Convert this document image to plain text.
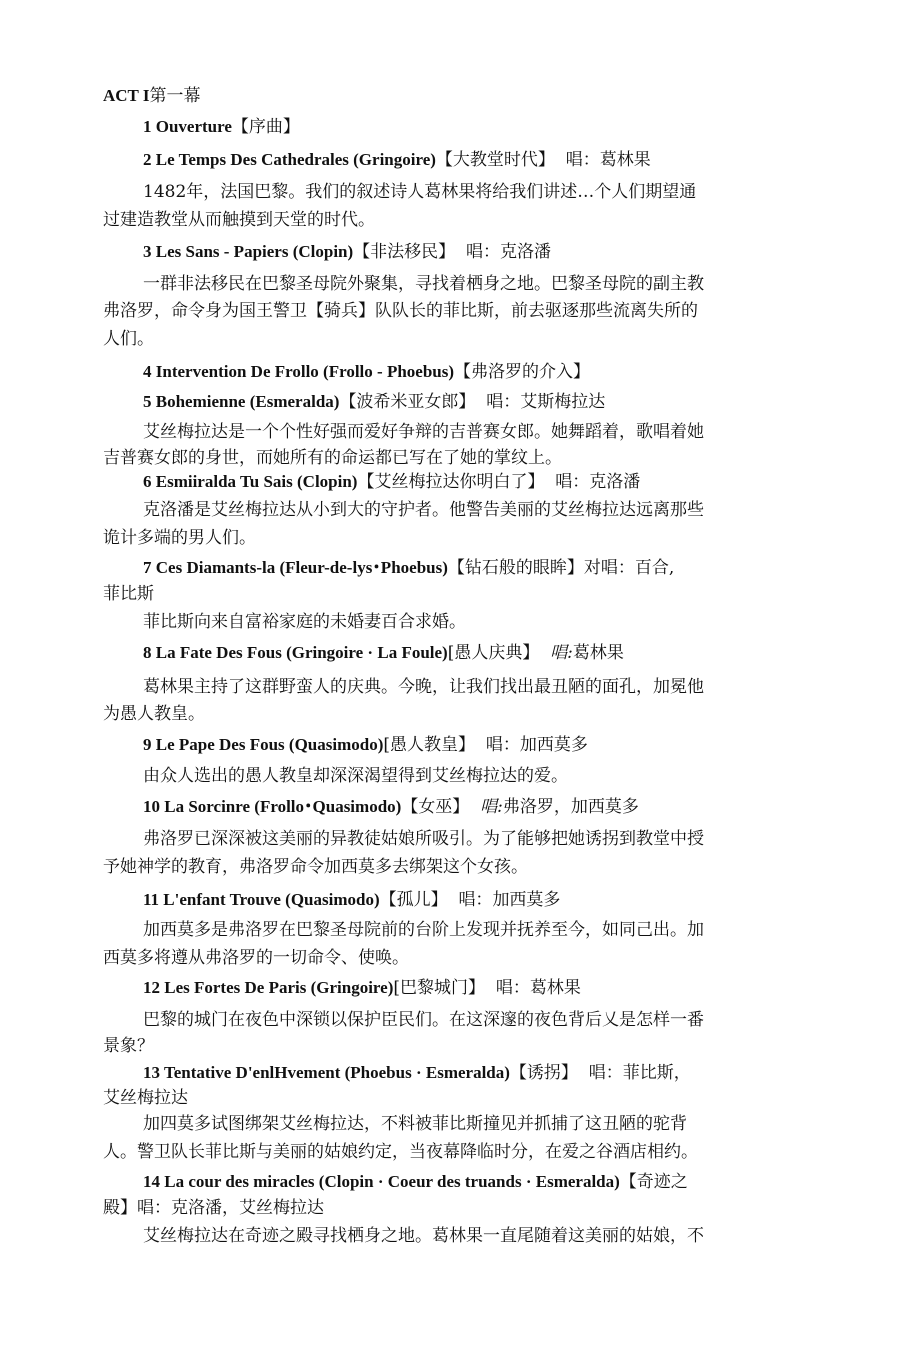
ACT I第一幕
1 Ouverture【序曲】
2 Le Temps Des Cathedrales (Gringoire)【大教堂时代】 唱：葛林果
1482年，法国巴黎。我们的叙述诗人葛林果将给我们讲述…个人们期望通
过建造教堂从而触摸到天堂的时代。
3 Les Sans - Papiers (Clopin)【非法移民】 唱：克洛潘
一群非法移民在巴黎圣母院外聚集，寻找着栖身之地。巴黎圣母院的副主教
弗洛罗，命令身为国王警卫【骑兵】队队长的菲比斯，前去驱逐那些流离失所的
人们。
4 Intervention De Frollo (Frollo - Phoebus)【弗洛罗的介入】
5 Bohemienne (Esmeralda)【波希米亚女郎】 唱：艾斯梅拉达
艾丝梅拉达是一个个性好强而爱好争辩的吉普赛女郎。她舞蹈着，歌唱着她
吉普赛女郎的身世，而她所有的命运都已写在了她的掌纹上。
6 Esmiiralda Tu Sais (Clopin)【艾丝梅拉达你明白了】 唱：克洛潘
克洛潘是艾丝梅拉达从小到大的守护者。他警告美丽的艾丝梅拉达远离那些
诡计多端的男人们。
7 Ces Diamants-la (Fleur-de-lys･Phoebus)【钻石般的眼眸】对唱：百合,
菲比斯
菲比斯向来自富裕家庭的未婚妻百合求婚。
8 La Fate Des Fous (Gringoire · La Foule)[愚人庆典】 唱:葛林果
葛林果主持了这群野蛮人的庆典。今晚，让我们找出最丑陋的面孔，加冕他
为愚人教皇。
9 Le Pape Des Fous (Quasimodo)[愚人教皇】 唱：加西莫多
由众人选出的愚人教皇却深深渴望得到艾丝梅拉达的爱。
10 La Sorcinre (Frollo･Quasimodo)【女巫】 唱:弗洛罗，加西莫多
弗洛罗已深深被这美丽的异教徒姑娘所吸引。为了能够把她诱拐到教堂中授
予她神学的教育，弗洛罗命令加西莫多去绑架这个女孩。
11 L'enfant Trouve (Quasimodo)【孤儿】 唱：加西莫多
加西莫多是弗洛罗在巴黎圣母院前的台阶上发现并抚养至今，如同己出。加
西莫多将遵从弗洛罗的一切命令、使唤。
12 Les Fortes De Paris (Gringoire)[巴黎城门】 唱：葛林果
巴黎的城门在夜色中深锁以保护臣民们。在这深邃的夜色背后乂是怎样一番
景象？
13 Tentative D'enlHvement (Phoebus · Esmeralda)【诱拐】 唱：菲比斯，
艾丝梅拉达
加四莫多试图绑架艾丝梅拉达，不料被菲比斯撞见并抓捕了这丑陋的驼背
人。警卫队长菲比斯与美丽的姑娘约定，当夜幕降临时分，在爱之谷酒店相约。
14 La cour des miracles (Clopin · Coeur des truands · Esmeralda)【奇迹之
殿】唱：克洛潘，艾丝梅拉达
艾丝梅拉达在奇迹之殿寻找栖身之地。葛林果一直尾随着这美丽的姑娘，不
